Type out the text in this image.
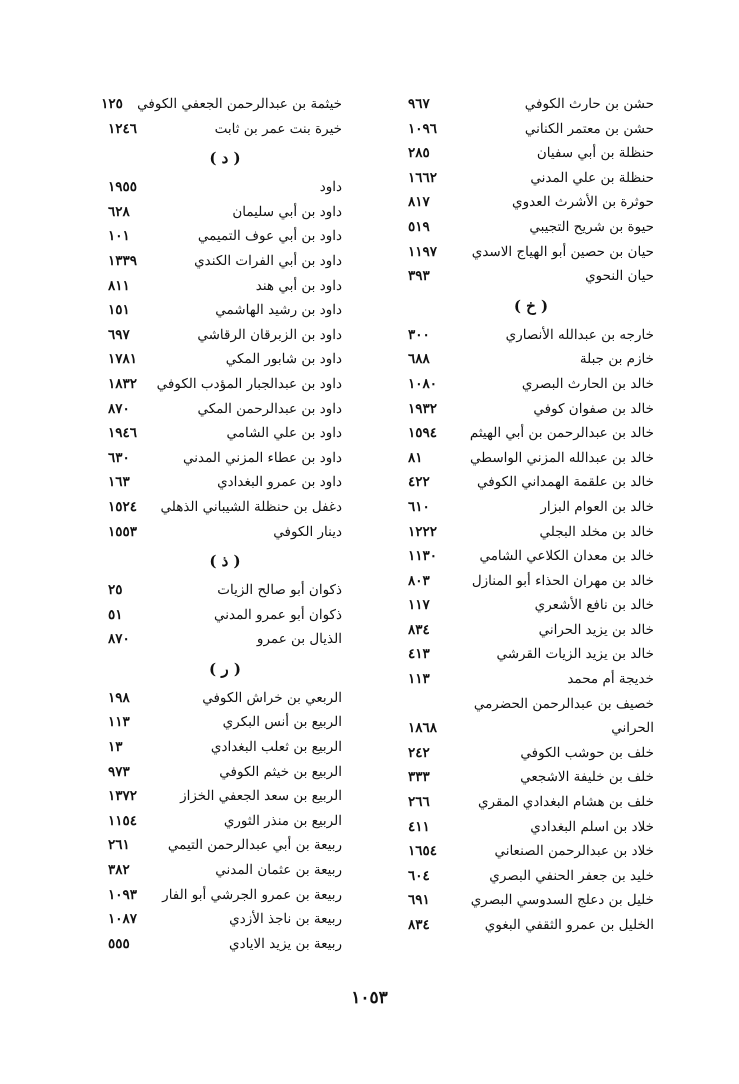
حشن بن حارث الكوفي
٩٦٧
حشن بن معتمر الكناني
١٠٩٦
حنظلة بن أبي سفيان
٢٨٥
حنظلة بن علي المدني
١٦٦٢
حوثرة بن الأشرث العدوي
٨١٧
حيوة بن شريح التجيبي
٥١٩
حيان بن حصين أبو الهياج الاسدي
١١٩٧
حيان النحوي
٣٩٣
( خ )
خارجه بن عبدالله الأنصاري
٣٠٠
خازم بن جبلة
٦٨٨
خالد بن الحارث البصري
١٠٨٠
خالد بن صفوان كوفي
١٩٣٢
خالد بن عبدالرحمن بن أبي الهيثم
١٥٩٤
خالد بن عبدالله المزني الواسطي
٨١
خالد بن علقمة الهمداني الكوفي
٤٢٢
خالد بن العوام البزار
٦١٠
خالد بن مخلد البجلي
١٢٢٢
خالد بن معدان الكلاعي الشامي
١١٣٠
خالد بن مهران الحذاء أبو المنازل
٨٠٣
خالد بن نافع الأشعري
١١٧
خالد بن يزيد الحراني
٨٣٤
خالد بن يزيد الزيات القرشي
٤١٣
خديجة أم محمد
١١٣
خصيف بن عبدالرحمن الحضرمي
الحراني
١٨٦٨
خلف بن حوشب الكوفي
٢٤٢
خلف بن خليفة الاشجعي
٣٣٣
خلف بن هشام البغدادي المقري
٢٦٦
خلاد بن اسلم البغدادي
٤١١
خلاد بن عبدالرحمن الصنعاني
١٦٥٤
خليد بن جعفر الحنفي البصري
٦٠٤
خليل بن دعلج السدوسي البصري
٦٩١
الخليل بن عمرو الثقفي البغوي
٨٣٤
خيثمة بن عبدالرحمن الجعفي الكوفي
١٢٥
خيرة بنت عمر بن ثابت
١٢٤٦
( د )
داود
١٩٥٥
داود بن أبي سليمان
٦٢٨
داود بن أبي عوف التميمي
١٠١
داود بن أبي الفرات الكندي
١٣٣٩
داود بن أبي هند
٨١١
داود بن رشيد الهاشمي
١٥١
داود بن الزبرقان الرقاشي
٦٩٧
داود بن شابور المكي
١٧٨١
داود بن عبدالجبار المؤدب الكوفي
١٨٣٢
داود بن عبدالرحمن المكي
٨٧٠
داود بن علي الشامي
١٩٤٦
داود بن عطاء المزني المدني
٦٣٠
داود بن عمرو البغدادي
١٦٣
دغفل بن حنظلة الشيباني الذهلي
١٥٢٤
دينار الكوفي
١٥٥٣
( ذ )
ذكوان أبو صالح الزيات
٢٥
ذكوان أبو عمرو المدني
٥١
الذيال بن عمرو
٨٧٠
( ر )
الربعي بن خراش الكوفي
١٩٨
الربيع بن أنس البكري
١١٣
الربيع بن ثعلب البغدادي
١٣
الربيع بن خيثم الكوفي
٩٧٣
الربيع بن سعد الجعفي الخزاز
١٣٧٢
الربيع بن منذر الثوري
١١٥٤
ربيعة بن أبي عبدالرحمن التيمي
٢٦١
ربيعة بن عثمان المدني
٣٨٢
ربيعة بن عمرو الجرشي أبو الفار
١٠٩٣
ربيعة بن ناجذ الأزدي
١٠٨٧
ربيعة بن يزيد الايادي
٥٥٥
١٠٥٣
